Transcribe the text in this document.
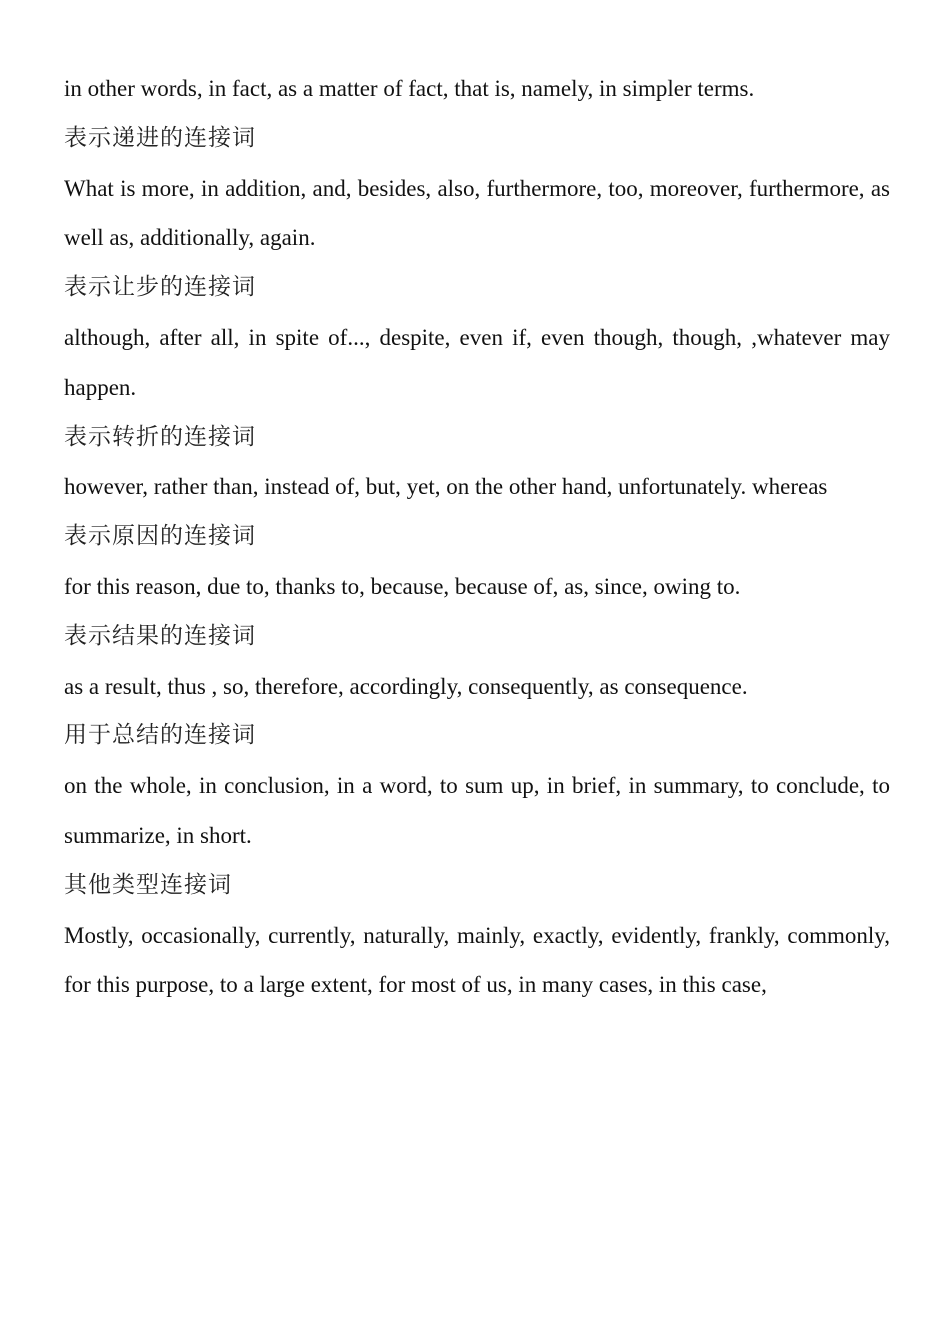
in other words, in fact, as a matter of fact, that is, namely, in simpler terms.

表示递进的连接词

What is more, in addition, and, besides, also, furthermore, too, moreover, furthermore, as well as, additionally, again.

表示让步的连接词

although, after all, in spite of..., despite, even if, even though, though, ,whatever may happen.

表示转折的连接词

however, rather than, instead of, but, yet, on the other hand, unfortunately. whereas

表示原因的连接词

for this reason, due to, thanks to, because, because of, as, since, owing to.

表示结果的连接词

as a result, thus , so, therefore, accordingly, consequently, as consequence.

用于总结的连接词

on the whole, in conclusion, in a word, to sum up, in brief, in summary, to conclude, to summarize, in short.

其他类型连接词

Mostly, occasionally, currently, naturally, mainly, exactly, evidently, frankly, commonly, for this purpose, to a large extent, for most of us, in many cases, in this case,
